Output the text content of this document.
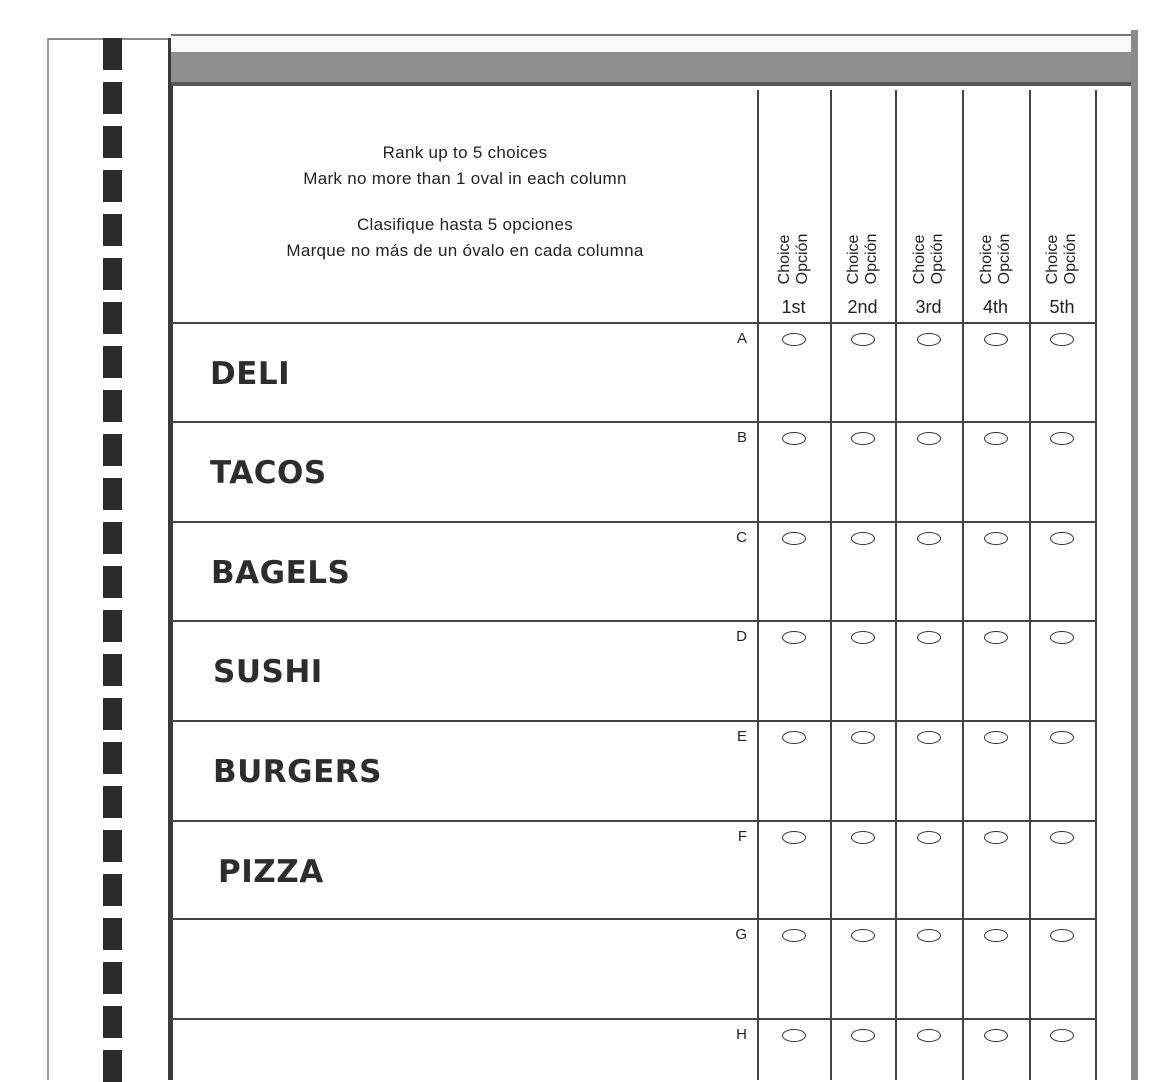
Rank up to 5 choices
Mark no more than 1 oval in each column
Clasifique hasta 5 opciones
Marque no más de un óvalo en cada columna	Choice Opción
1st
Choice Opción
2nd
Choice Opción
3rd
Choice Opción
4th
Choice Opción
5th
A
DELI
B
TACOS
C
BAGELS
D
SUSHI
E
BURGERS
F
PIZZA
G
H
